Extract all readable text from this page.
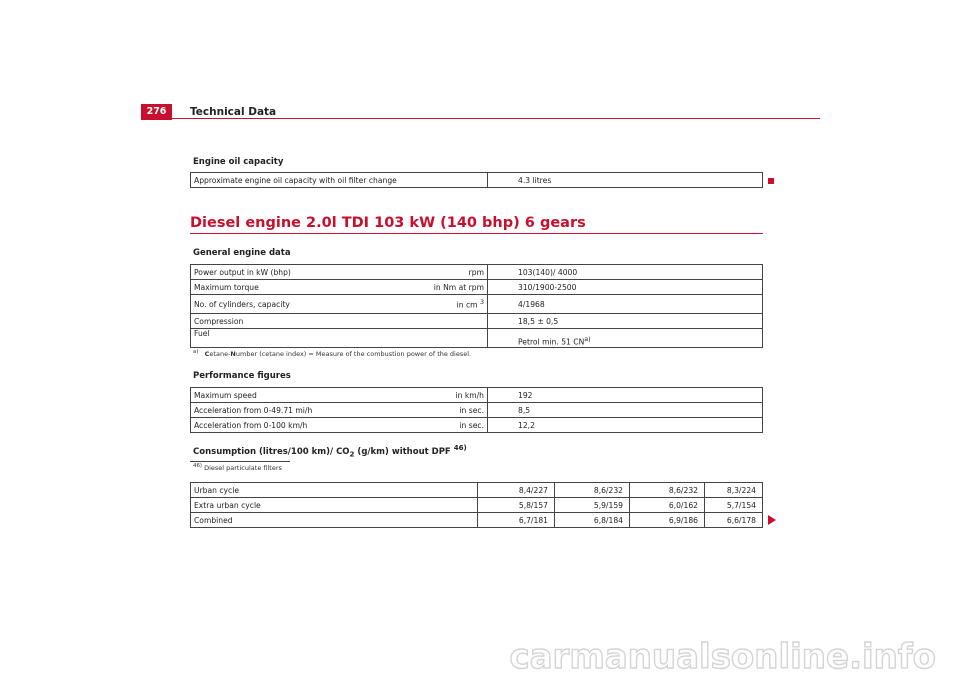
276	Technical Data
Engine oil capacity
Approximate engine oil capacity with oil filter change	4.3 litres
Diesel engine 2.0l TDI 103 kW (140 bhp) 6 gears
General engine data
Power output in kW (bhp)	rpm	103(140)/ 4000
Maximum torque	in Nm at rpm	310/1900-2500
No. of cylinders, capacity	in cm $^3$	4/1968
Compression		18,5 ± 0,5
Fuel		Petrol min. 51 CN$^{a)}$
$^{a)}$ Cetane-Number (cetane index) = Measure of the combustion power of the diesel.
Performance figures
Maximum speed	in km/h	192
Acceleration from 0-49.71 mi/h	in sec.	8,5
Acceleration from 0-100 km/h	in sec.	12,2
Consumption (litres/100 km)/ $CO_2$ (g/km) without DPF $^{46)}$
$^{46)}$ Diesel particulate filters
Urban cycle	8,4/227	8,6/232	8,6/232	8,3/224
Extra urban cycle	5,8/157	5,9/159	6,0/162	5,7/154
Combined	6,7/181	6,8/184	6,9/186	6,6/178
carmanualsonline.info
